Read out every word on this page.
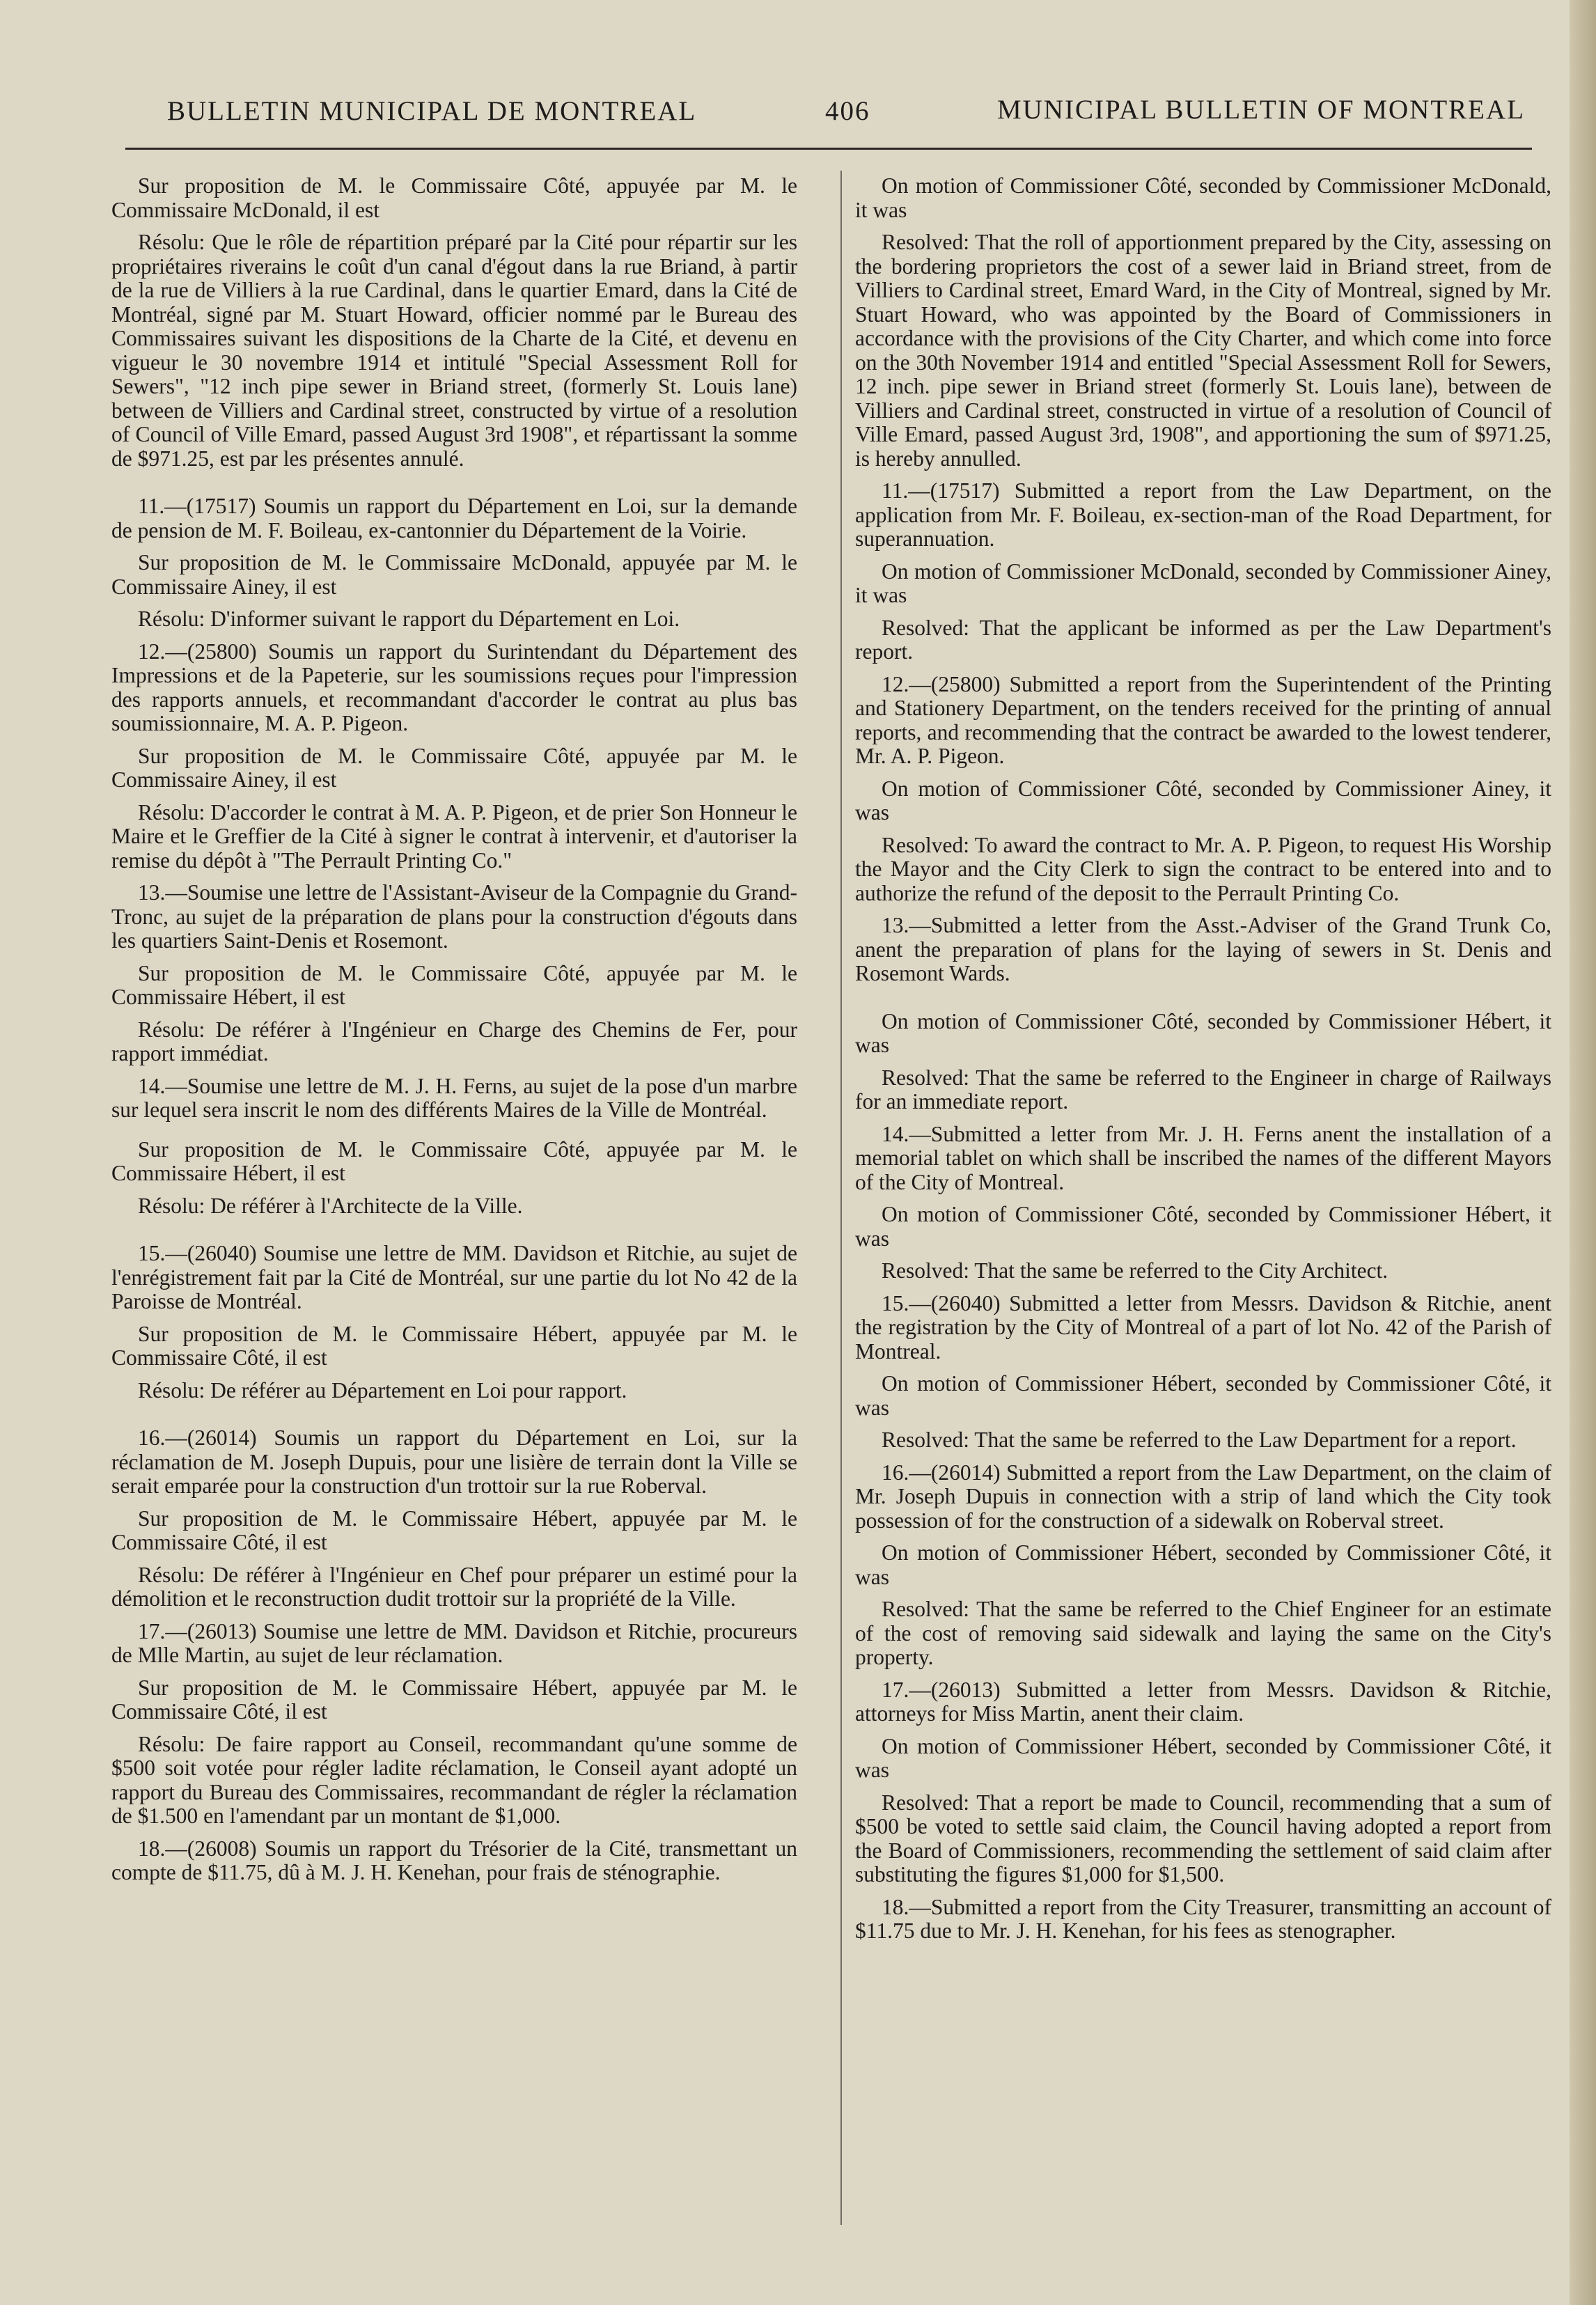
BULLETIN MUNICIPAL DE MONTREAL	406	MUNICIPAL BULLETIN OF MONTREAL

Sur proposition de M. le Commissaire Côté, appuyée par M. le Commissaire McDonald, il est

Résolu: Que le rôle de répartition préparé par la Cité pour répartir sur les propriétaires riverains le coût d'un canal d'égout dans la rue Briand, à partir de la rue de Villiers à la rue Cardinal, dans le quartier Emard, dans la Cité de Montréal, signé par M. Stuart Howard, officier nommé par le Bureau des Commissaires suivant les dispositions de la Charte de la Cité, et devenu en vigueur le 30 novembre 1914 et intitulé "Special Assessment Roll for Sewers", "12 inch pipe sewer in Briand street, (formerly St. Louis lane) between de Villiers and Cardinal street, constructed by virtue of a resolution of Council of Ville Emard, passed August 3rd 1908", et répartissant la somme de $971.25, est par les présentes annulé.

11.—(17517) Soumis un rapport du Département en Loi, sur la demande de pension de M. F. Boileau, ex-cantonnier du Département de la Voirie.

Sur proposition de M. le Commissaire McDonald, appuyée par M. le Commissaire Ainey, il est

Résolu: D'informer suivant le rapport du Département en Loi.

12.—(25800) Soumis un rapport du Surintendant du Département des Impressions et de la Papeterie, sur les soumissions reçues pour l'impression des rapports annuels, et recommandant d'accorder le contrat au plus bas soumissionnaire, M. A. P. Pigeon.

Sur proposition de M. le Commissaire Côté, appuyée par M. le Commissaire Ainey, il est

Résolu: D'accorder le contrat à M. A. P. Pigeon, et de prier Son Honneur le Maire et le Greffier de la Cité à signer le contrat à intervenir, et d'autoriser la remise du dépôt à "The Perrault Printing Co."

13.—Soumise une lettre de l'Assistant-Aviseur de la Compagnie du Grand-Tronc, au sujet de la préparation de plans pour la construction d'égouts dans les quartiers Saint-Denis et Rosemont.

Sur proposition de M. le Commissaire Côté, appuyée par M. le Commissaire Hébert, il est

Résolu: De référer à l'Ingénieur en Charge des Chemins de Fer, pour rapport immédiat.

14.—Soumise une lettre de M. J. H. Ferns, au sujet de la pose d'un marbre sur lequel sera inscrit le nom des différents Maires de la Ville de Montréal.

Sur proposition de M. le Commissaire Côté, appuyée par M. le Commissaire Hébert, il est

Résolu: De référer à l'Architecte de la Ville.

15.—(26040) Soumise une lettre de MM. Davidson et Ritchie, au sujet de l'enrégistrement fait par la Cité de Montréal, sur une partie du lot No 42 de la Paroisse de Montréal.

Sur proposition de M. le Commissaire Hébert, appuyée par M. le Commissaire Côté, il est

Résolu: De référer au Département en Loi pour rapport.

16.—(26014) Soumis un rapport du Département en Loi, sur la réclamation de M. Joseph Dupuis, pour une lisière de terrain dont la Ville se serait emparée pour la construction d'un trottoir sur la rue Roberval.

Sur proposition de M. le Commissaire Hébert, appuyée par M. le Commissaire Côté, il est

Résolu: De référer à l'Ingénieur en Chef pour préparer un estimé pour la démolition et le reconstruction dudit trottoir sur la propriété de la Ville.

17.—(26013) Soumise une lettre de MM. Davidson et Ritchie, procureurs de Mlle Martin, au sujet de leur réclamation.

Sur proposition de M. le Commissaire Hébert, appuyée par M. le Commissaire Côté, il est

Résolu: De faire rapport au Conseil, recommandant qu'une somme de $500 soit votée pour régler ladite réclamation, le Conseil ayant adopté un rapport du Bureau des Commissaires, recommandant de régler la réclamation de $1.500 en l'amendant par un montant de $1,000.

18.—(26008) Soumis un rapport du Trésorier de la Cité, transmettant un compte de $11.75, dû à M. J. H. Kenehan, pour frais de sténographie.

On motion of Commissioner Côté, seconded by Commissioner McDonald, it was

Resolved: That the roll of apportionment prepared by the City, assessing on the bordering proprietors the cost of a sewer laid in Briand street, from de Villiers to Cardinal street, Emard Ward, in the City of Montreal, signed by Mr. Stuart Howard, who was appointed by the Board of Commissioners in accordance with the provisions of the City Charter, and which come into force on the 30th November 1914 and entitled "Special Assessment Roll for Sewers, 12 inch. pipe sewer in Briand street (formerly St. Louis lane), between de Villiers and Cardinal street, constructed in virtue of a resolution of Council of Ville Emard, passed August 3rd, 1908", and apportioning the sum of $971.25, is hereby annulled.

11.—(17517) Submitted a report from the Law Department, on the application from Mr. F. Boileau, ex-section-man of the Road Department, for superannuation.

On motion of Commissioner McDonald, seconded by Commissioner Ainey, it was

Resolved: That the applicant be informed as per the Law Department's report.

12.—(25800) Submitted a report from the Superintendent of the Printing and Stationery Department, on the tenders received for the printing of annual reports, and recommending that the contract be awarded to the lowest tenderer, Mr. A. P. Pigeon.

On motion of Commissioner Côté, seconded by Commissioner Ainey, it was

Resolved: To award the contract to Mr. A. P. Pigeon, to request His Worship the Mayor and the City Clerk to sign the contract to be entered into and to authorize the refund of the deposit to the Perrault Printing Co.

13.—Submitted a letter from the Asst.-Adviser of the Grand Trunk Co, anent the preparation of plans for the laying of sewers in St. Denis and Rosemont Wards.

On motion of Commissioner Côté, seconded by Commissioner Hébert, it was

Resolved: That the same be referred to the Engineer in charge of Railways for an immediate report.

14.—Submitted a letter from Mr. J. H. Ferns anent the installation of a memorial tablet on which shall be inscribed the names of the different Mayors of the City of Montreal.

On motion of Commissioner Côté, seconded by Commissioner Hébert, it was

Resolved: That the same be referred to the City Architect.

15.—(26040) Submitted a letter from Messrs. Davidson & Ritchie, anent the registration by the City of Montreal of a part of lot No. 42 of the Parish of Montreal.

On motion of Commissioner Hébert, seconded by Commissioner Côté, it was

Resolved: That the same be referred to the Law Department for a report.

16.—(26014) Submitted a report from the Law Department, on the claim of Mr. Joseph Dupuis in connection with a strip of land which the City took possession of for the construction of a sidewalk on Roberval street.

On motion of Commissioner Hébert, seconded by Commissioner Côté, it was

Resolved: That the same be referred to the Chief Engineer for an estimate of the cost of removing said sidewalk and laying the same on the City's property.

17.—(26013) Submitted a letter from Messrs. Davidson & Ritchie, attorneys for Miss Martin, anent their claim.

On motion of Commissioner Hébert, seconded by Commissioner Côté, it was

Resolved: That a report be made to Council, recommending that a sum of $500 be voted to settle said claim, the Council having adopted a report from the Board of Commissioners, recommending the settlement of said claim after substituting the figures $1,000 for $1,500.

18.—Submitted a report from the City Treasurer, transmitting an account of $11.75 due to Mr. J. H. Kenehan, for his fees as stenographer.
